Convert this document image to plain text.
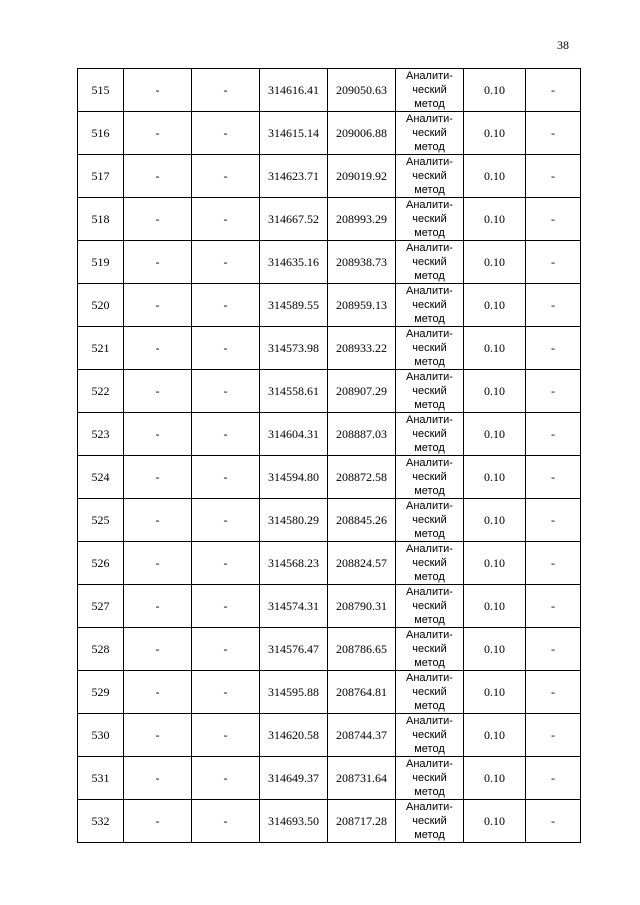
38
515	-	-	314616.41	209050.63	Аналити-
ческий
метод	0.10	-
516	-	-	314615.14	209006.88	Аналити-
ческий
метод	0.10	-
517	-	-	314623.71	209019.92	Аналити-
ческий
метод	0.10	-
518	-	-	314667.52	208993.29	Аналити-
ческий
метод	0.10	-
519	-	-	314635.16	208938.73	Аналити-
ческий
метод	0.10	-
520	-	-	314589.55	208959.13	Аналити-
ческий
метод	0.10	-
521	-	-	314573.98	208933.22	Аналити-
ческий
метод	0.10	-
522	-	-	314558.61	208907.29	Аналити-
ческий
метод	0.10	-
523	-	-	314604.31	208887.03	Аналити-
ческий
метод	0.10	-
524	-	-	314594.80	208872.58	Аналити-
ческий
метод	0.10	-
525	-	-	314580.29	208845.26	Аналити-
ческий
метод	0.10	-
526	-	-	314568.23	208824.57	Аналити-
ческий
метод	0.10	-
527	-	-	314574.31	208790.31	Аналити-
ческий
метод	0.10	-
528	-	-	314576.47	208786.65	Аналити-
ческий
метод	0.10	-
529	-	-	314595.88	208764.81	Аналити-
ческий
метод	0.10	-
530	-	-	314620.58	208744.37	Аналити-
ческий
метод	0.10	-
531	-	-	314649.37	208731.64	Аналити-
ческий
метод	0.10	-
532	-	-	314693.50	208717.28	Аналити-
ческий
метод	0.10	-
